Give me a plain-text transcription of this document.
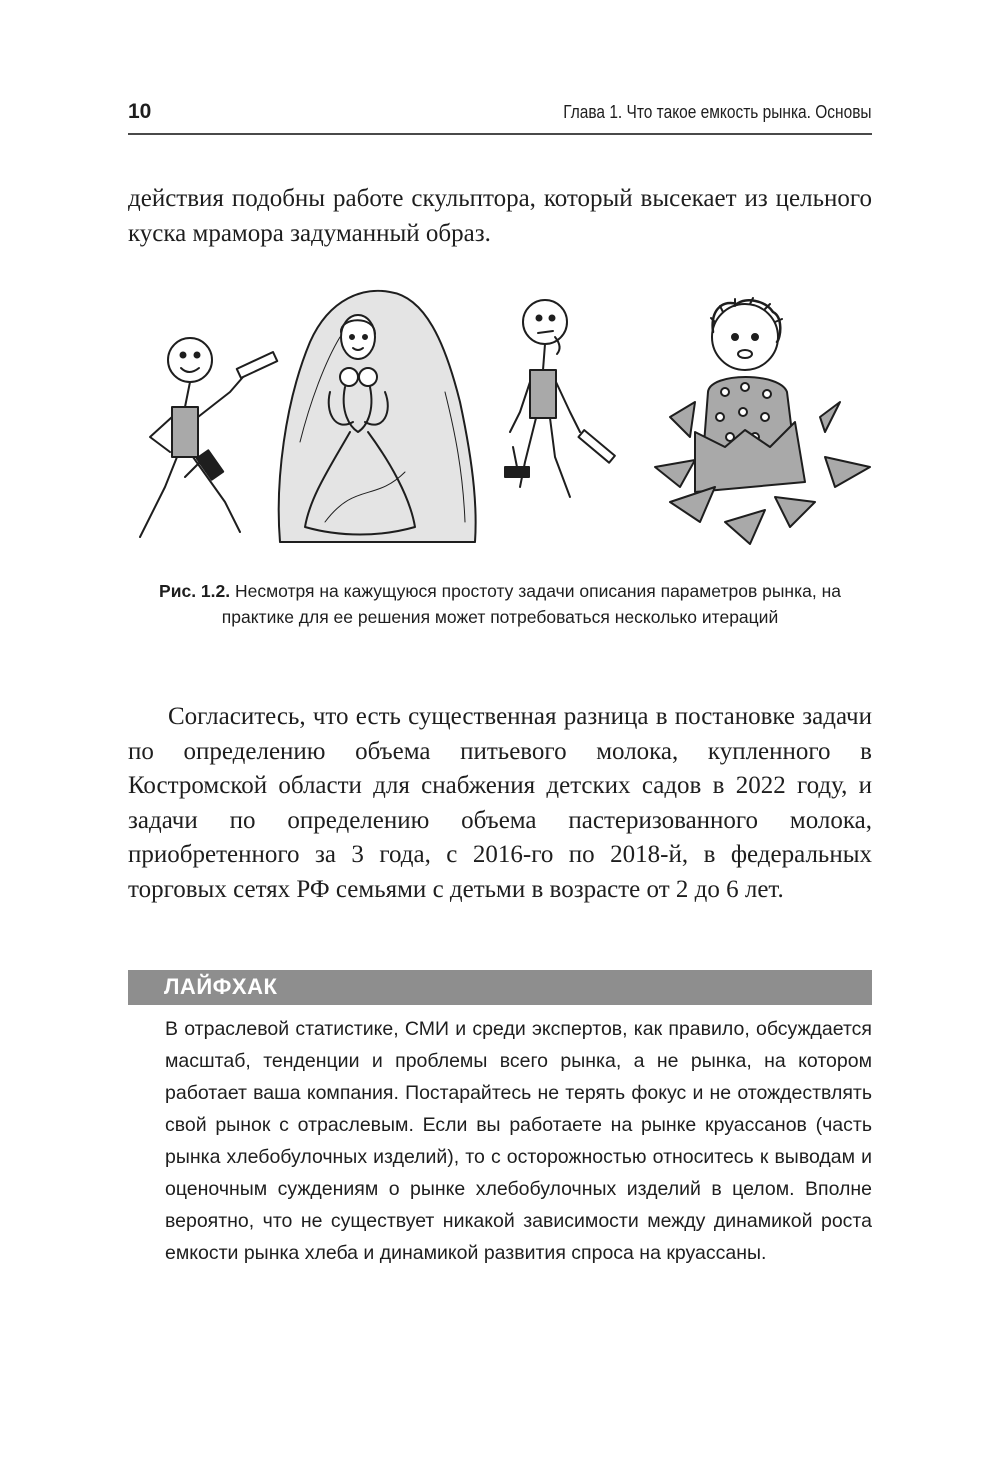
10	Глава 1. Что такое емкость рынка. Основы

действия подобны работе скульптора, который высекает из цельного куска мрамора задуманный образ.

Рис. 1.2. Несмотря на кажущуюся простоту задачи описания параметров рынка, на практике для ее решения может потребоваться несколько итераций

Согласитесь, что есть существенная разница в постановке задачи по определению объема питьевого молока, купленного в Костромской области для снабжения детских садов в 2022 году, и задачи по определению объема пастеризованного молока, приобретенного за 3 года, с 2016-го по 2018-й, в федеральных торговых сетях РФ семьями с детьми в возрасте от 2 до 6 лет.

ЛАЙФХАК

В отраслевой статистике, СМИ и среди экспертов, как правило, обсуждается масштаб, тенденции и проблемы всего рынка, а не рынка, на котором работает ваша компания. Постарайтесь не терять фокус и не отождествлять свой рынок с отраслевым. Если вы работаете на рынке круассанов (часть рынка хлебобулочных изделий), то с осторожностью относитесь к выводам и оценочным суждениям о рынке хлебобулочных изделий в целом. Вполне вероятно, что не существует никакой зависимости между динамикой роста емкости рынка хлеба и динамикой развития спроса на круассаны.
